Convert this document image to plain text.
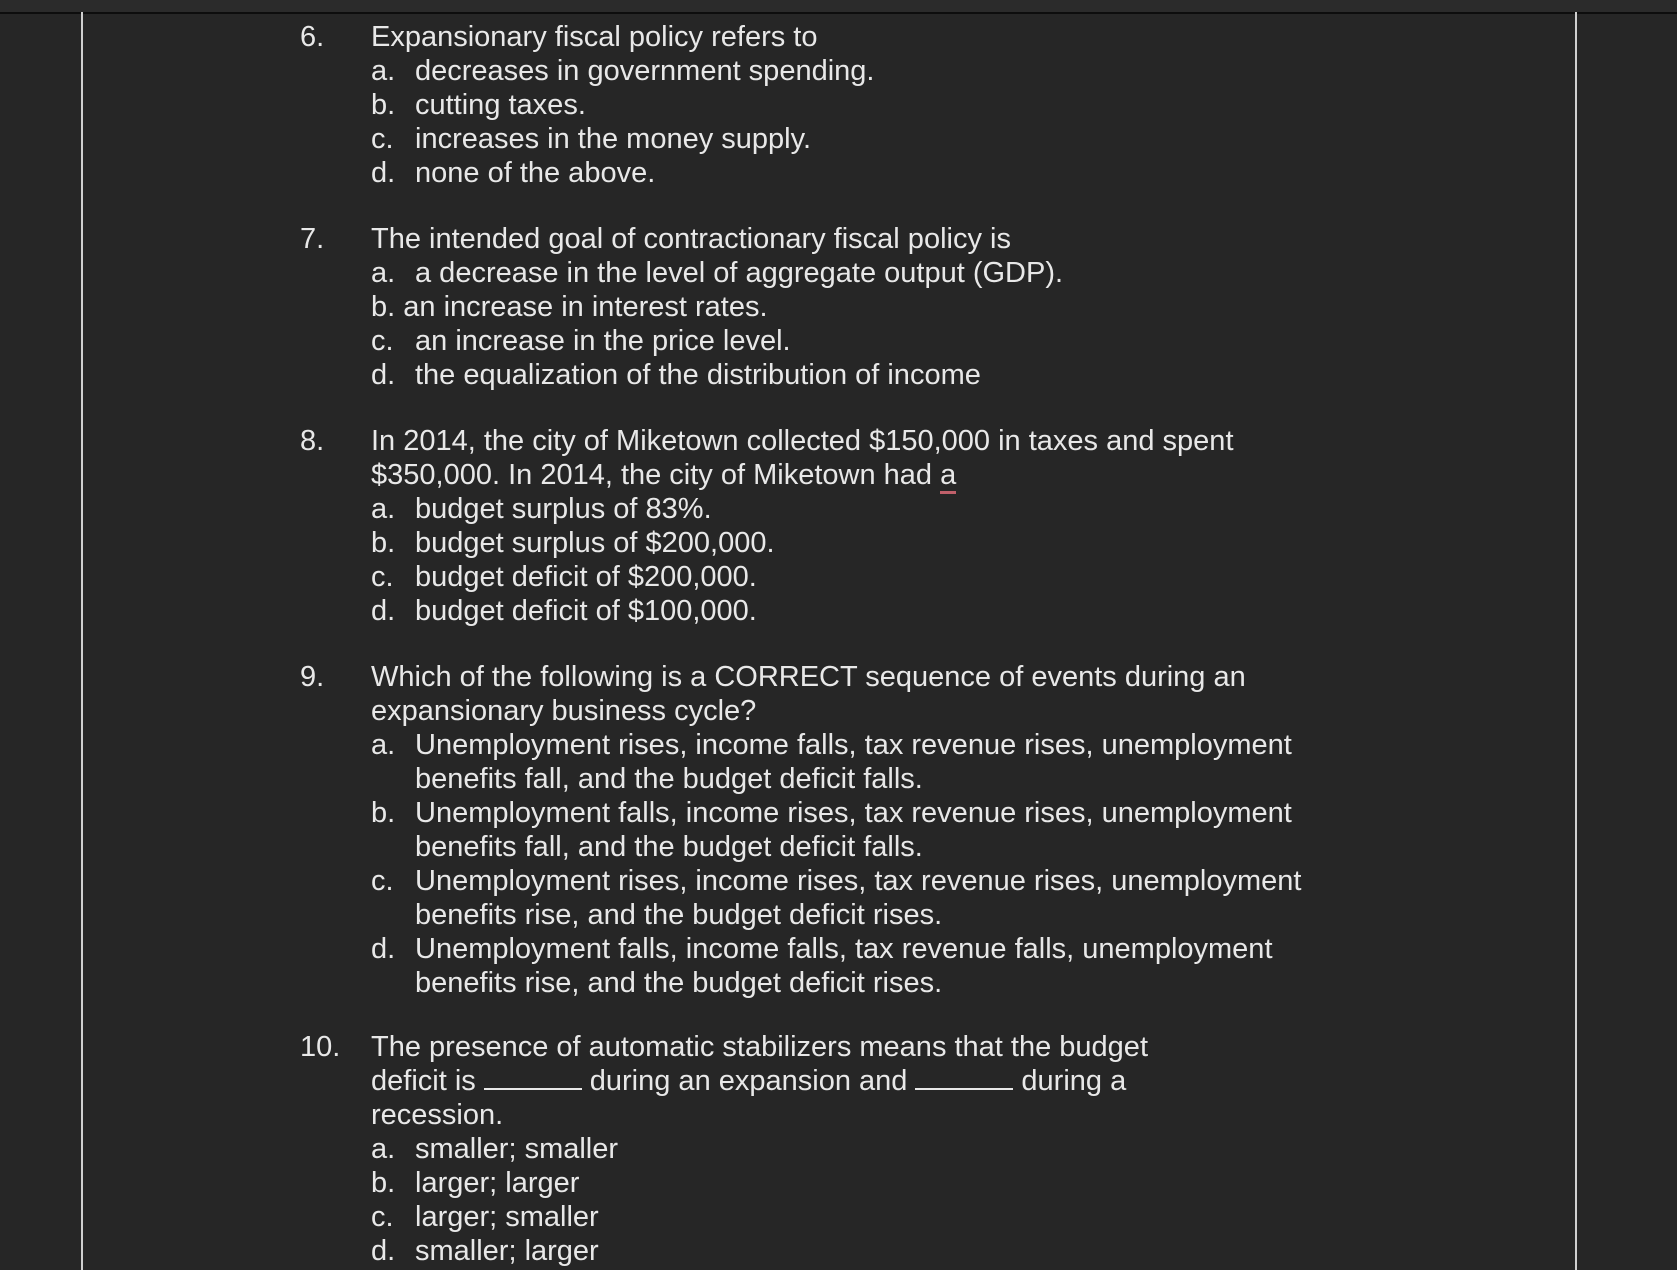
6. Expansionary fiscal policy refers to
a. decreases in government spending.
b. cutting taxes.
c. increases in the money supply.
d. none of the above.
7. The intended goal of contractionary fiscal policy is
a. a decrease in the level of aggregate output (GDP).
b. an increase in interest rates.
c. an increase in the price level.
d. the equalization of the distribution of income
8. In 2014, the city of Miketown collected $150,000 in taxes and spent
$350,000. In 2014, the city of Miketown had a
a. budget surplus of 83%.
b. budget surplus of $200,000.
c. budget deficit of $200,000.
d. budget deficit of $100,000.
9. Which of the following is a CORRECT sequence of events during an
expansionary business cycle?
a. Unemployment rises, income falls, tax revenue rises, unemployment benefits fall, and the budget deficit falls.
b. Unemployment falls, income rises, tax revenue rises, unemployment benefits fall, and the budget deficit falls.
c. Unemployment rises, income rises, tax revenue rises, unemployment benefits rise, and the budget deficit rises.
d. Unemployment falls, income falls, tax revenue falls, unemployment benefits rise, and the budget deficit rises.
10. The presence of automatic stabilizers means that the budget
deficit is	during an expansion and	during a
recession.
a. smaller; smaller
b. larger; larger
c. larger; smaller
d. smaller; larger
